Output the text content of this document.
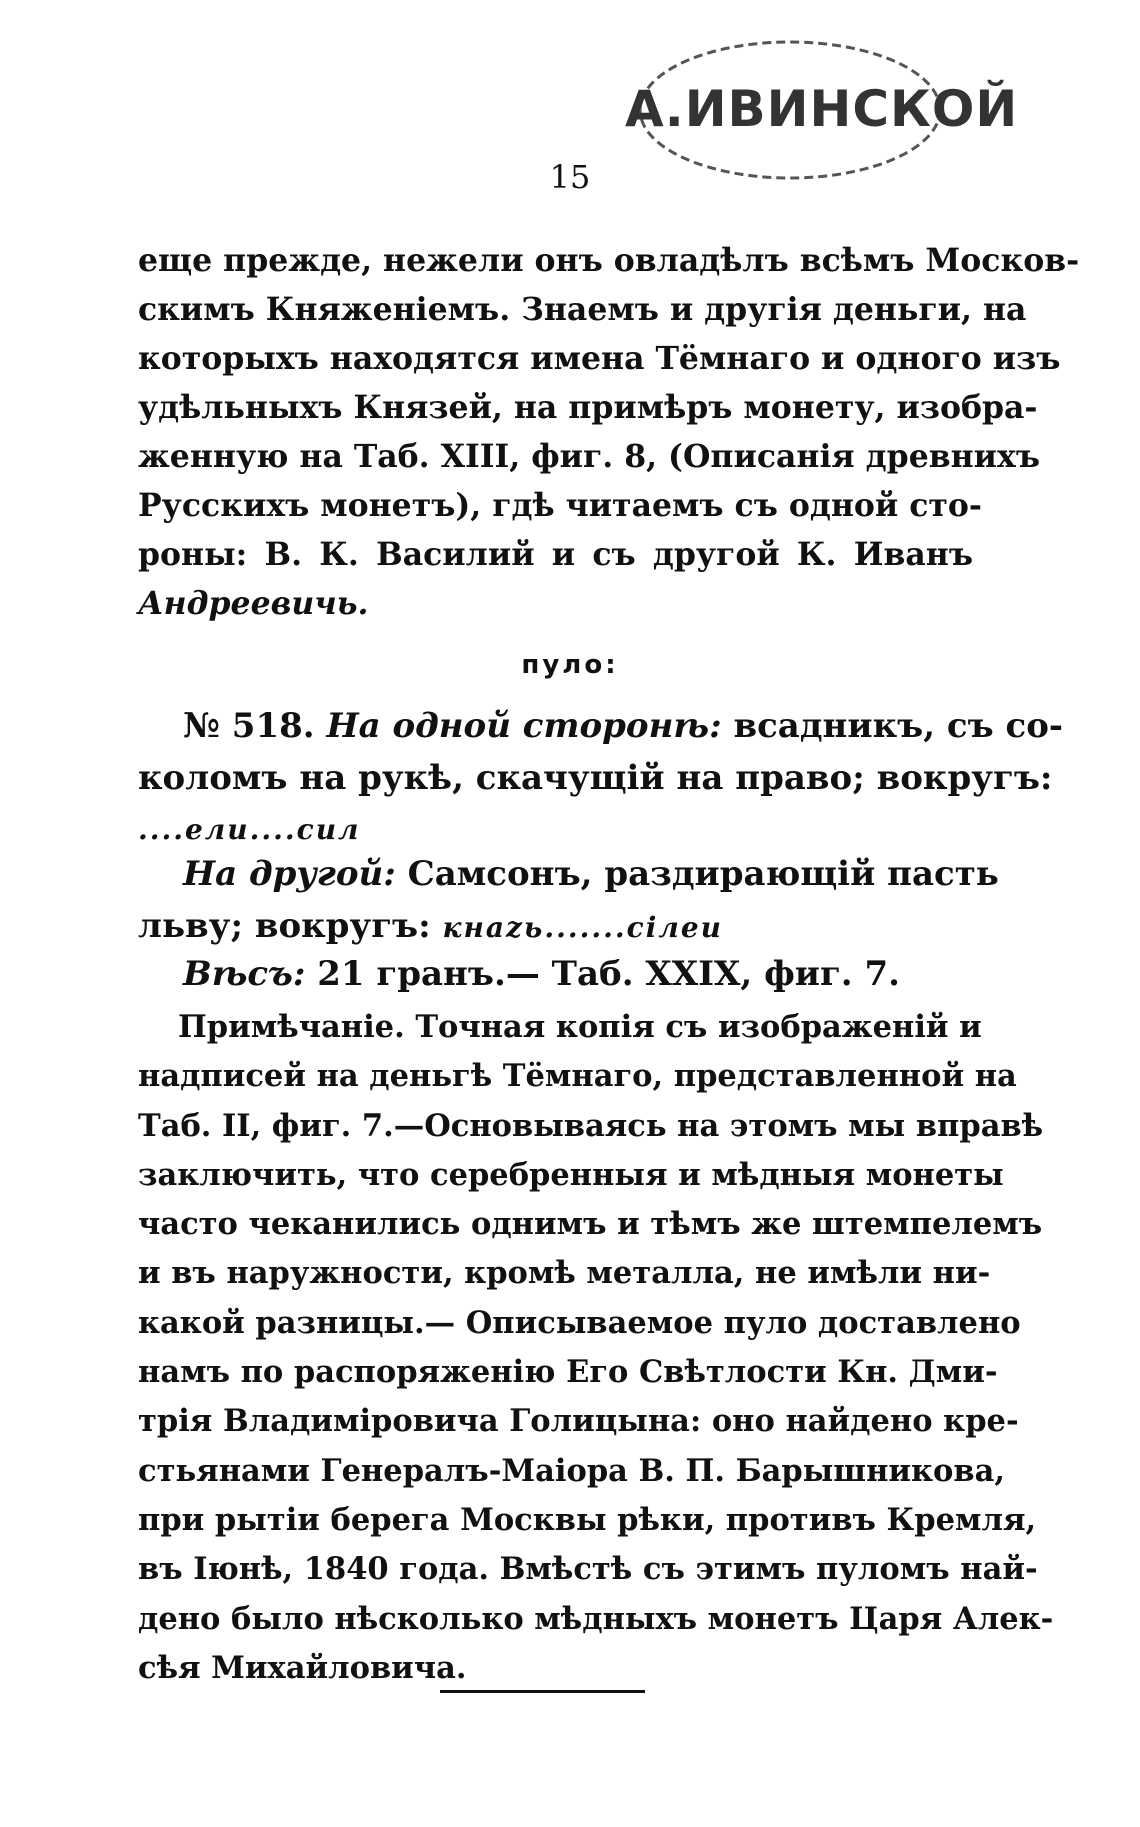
А.ИВИНСКОЙ
15
еще прежде, нежели онъ овладѣлъ всѣмъ Москов-
скимъ Княженіемъ. Знаемъ и другія деньги, на
которыхъ находятся имена Тёмнаго и одного изъ
удѣльныхъ Князей, на примѣръ монету, изобра-
женную на Таб. XIII, фиг. 8, (Описанія древнихъ
Русскихъ монетъ), гдѣ читаемъ съ одной сто-
роны: В. К. Василий и съ другой К. Иванъ
Андреевичь.
пуло:
№ 518. На одной сторонѣ: всадникъ, съ со-
коломъ на рукѣ, скачущій на право; вокругъ:
....ели....сил
На другой: Самсонъ, раздирающій пасть
льву; вокругъ: кнаzь.......сілеи
Вѣсъ: 21 гранъ.— Таб. XXIX, фиг. 7.
Примѣчаніе. Точная копія съ изображеній и
надписей на деньгѣ Тёмнаго, представленной на
Таб. II, фиг. 7.—Основываясь на этомъ мы вправѣ
заключить, что серебренныя и мѣдныя монеты
часто чеканились однимъ и тѣмъ же штемпелемъ
и въ наружности, кромѣ металла, не имѣли ни-
какой разницы.— Описываемое пуло доставлено
намъ по распоряженію Его Свѣтлости Кн. Дми-
трія Владиміровича Голицына: оно найдено кре-
стьянами Генералъ-Маіора В. П. Барышникова,
при рытіи берега Москвы рѣки, противъ Кремля,
въ Іюнѣ, 1840 года. Вмѣстѣ съ этимъ пуломъ най-
дено было нѣсколько мѣдныхъ монетъ Царя Алек-
сѣя Михайловича.
